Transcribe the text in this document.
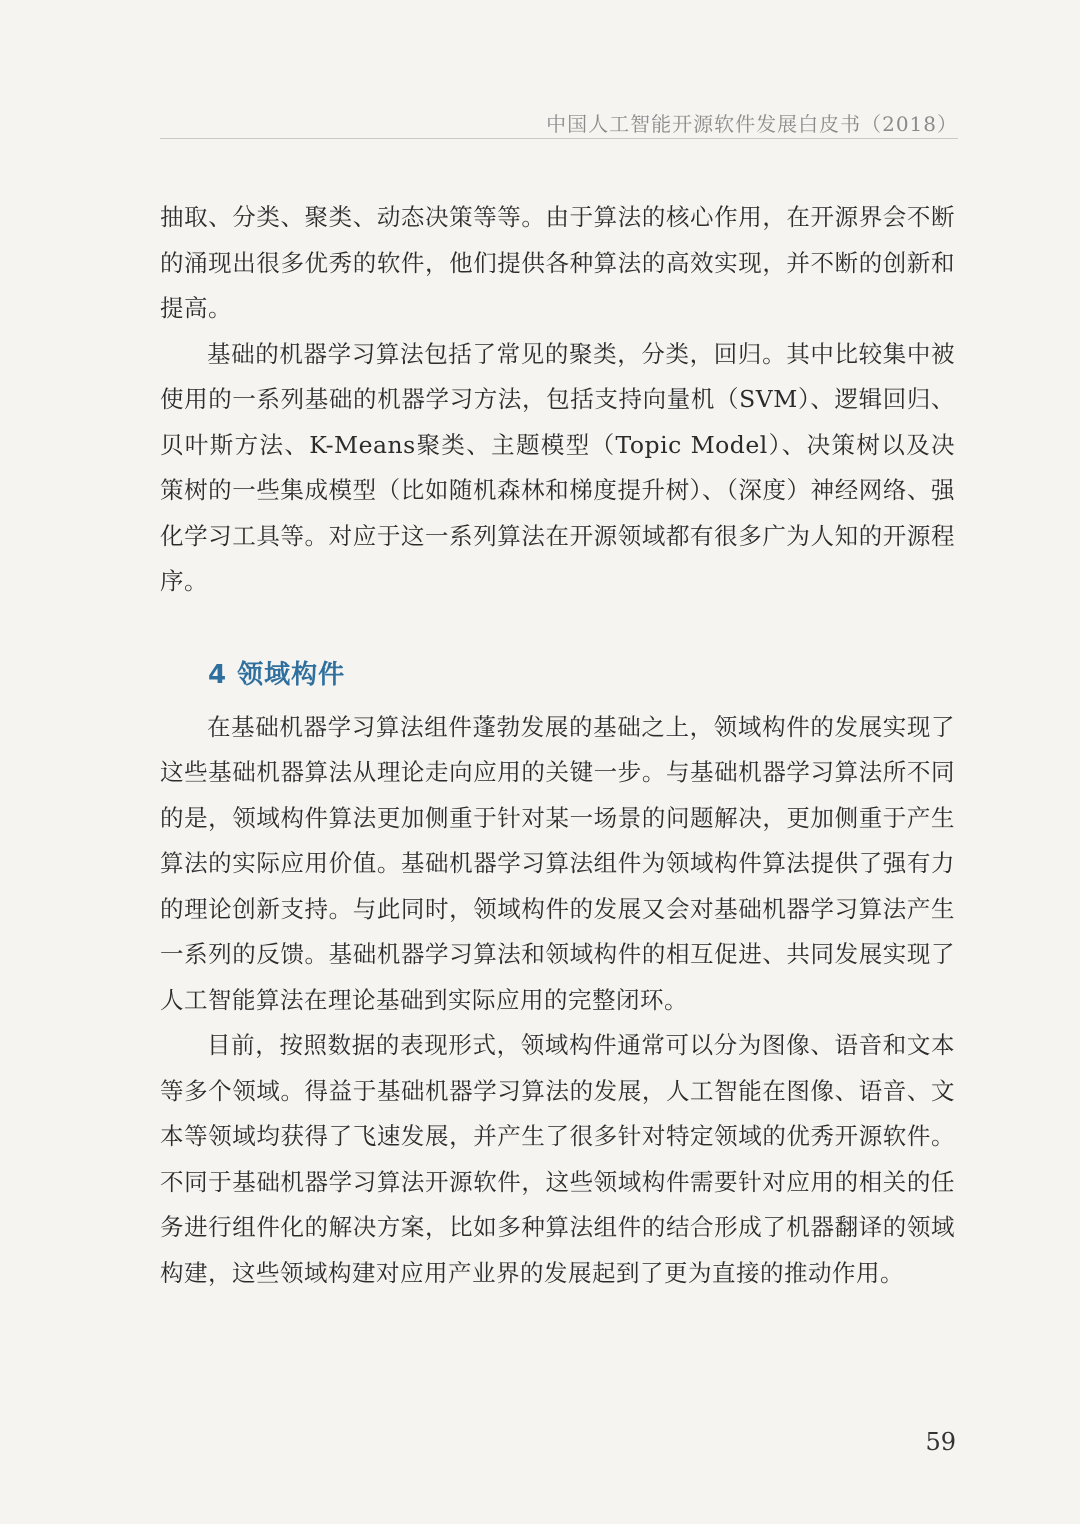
中国人工智能开源软件发展白皮书（2018）

抽取、分类、聚类、动态决策等等。由于算法的核心作用，在开源界会不断的涌现出很多优秀的软件，他们提供各种算法的高效实现，并不断的创新和提高。

基础的机器学习算法包括了常见的聚类，分类，回归。其中比较集中被使用的一系列基础的机器学习方法，包括支持向量机（SVM）、逻辑回归、贝叶斯方法、K-Means聚类、主题模型（Topic Model）、决策树以及决策树的一些集成模型（比如随机森林和梯度提升树）、（深度）神经网络、强化学习工具等。对应于这一系列算法在开源领域都有很多广为人知的开源程序。

4 领域构件

在基础机器学习算法组件蓬勃发展的基础之上，领域构件的发展实现了这些基础机器算法从理论走向应用的关键一步。与基础机器学习算法所不同的是，领域构件算法更加侧重于针对某一场景的问题解决，更加侧重于产生算法的实际应用价值。基础机器学习算法组件为领域构件算法提供了强有力的理论创新支持。与此同时，领域构件的发展又会对基础机器学习算法产生一系列的反馈。基础机器学习算法和领域构件的相互促进、共同发展实现了人工智能算法在理论基础到实际应用的完整闭环。

目前，按照数据的表现形式，领域构件通常可以分为图像、语音和文本等多个领域。得益于基础机器学习算法的发展，人工智能在图像、语音、文本等领域均获得了飞速发展，并产生了很多针对特定领域的优秀开源软件。不同于基础机器学习算法开源软件，这些领域构件需要针对应用的相关的任务进行组件化的解决方案，比如多种算法组件的结合形成了机器翻译的领域构建，这些领域构建对应用产业界的发展起到了更为直接的推动作用。

59
